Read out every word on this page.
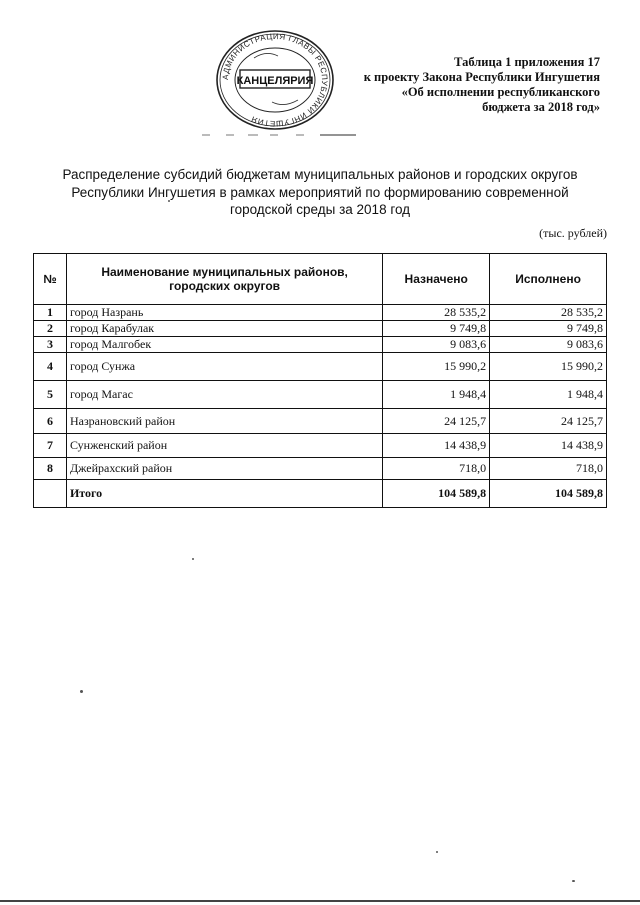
АДМИНИСТРАЦИЯ ГЛАВЫ РЕСПУБЛИКИ ИНГУШЕТИЯ
КАНЦЕЛЯРИЯ
Таблица 1 приложения 17
к проекту Закона Республики Ингушетия
«Об исполнении республиканского
бюджета за 2018 год»
Распределение субсидий бюджетам муниципальных районов и городских округов
Республики Ингушетия в рамках мероприятий по формированию современной
городской среды за 2018 год
(тыс. рублей)
№	Наименование муниципальных районов, городских округов	Назначено	Исполнено
1	город Назрань	28 535,2	28 535,2
2	город Карабулак	9 749,8	9 749,8
3	город Малгобек	9 083,6	9 083,6
4	город Сунжа	15 990,2	15 990,2
5	город Магас	1 948,4	1 948,4
6	Назрановский район	24 125,7	24 125,7
7	Сунженский район	14 438,9	14 438,9
8	Джейрахский район	718,0	718,0
	Итого	104 589,8	104 589,8
